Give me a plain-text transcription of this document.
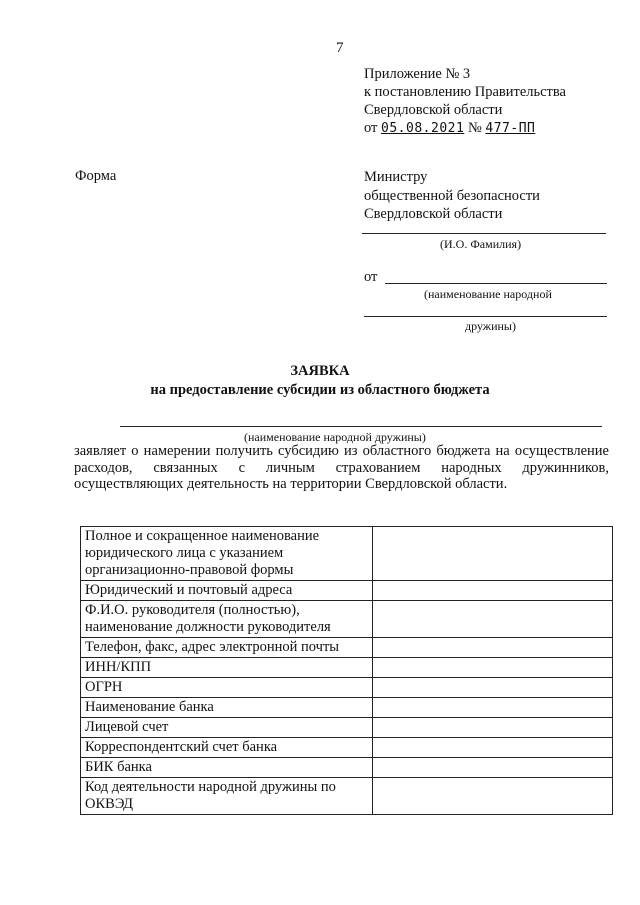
7
Приложение № 3
к постановлению Правительства
Свердловской области
от 05.08.2021 № 477-ПП
Форма	Министру
общественной безопасности
Свердловской области
(И.О. Фамилия)
от
(наименование народной
дружины)
ЗАЯВКА
на предоставление субсидии из областного бюджета
(наименование народной дружины)
заявляет о намерении получить субсидию из областного бюджета на осуществление расходов, связанных с личным страхованием народных дружинников, осуществляющих деятельность на территории Свердловской области.
Полное и сокращенное наименование юридического лица с указанием организационно-правовой формы	
Юридический и почтовый адреса	
Ф.И.О. руководителя (полностью), наименование должности руководителя	
Телефон, факс, адрес электронной почты	
ИНН/КПП	
ОГРН	
Наименование банка	
Лицевой счет	
Корреспондентский счет банка	
БИК банка	
Код деятельности народной дружины по ОКВЭД	
